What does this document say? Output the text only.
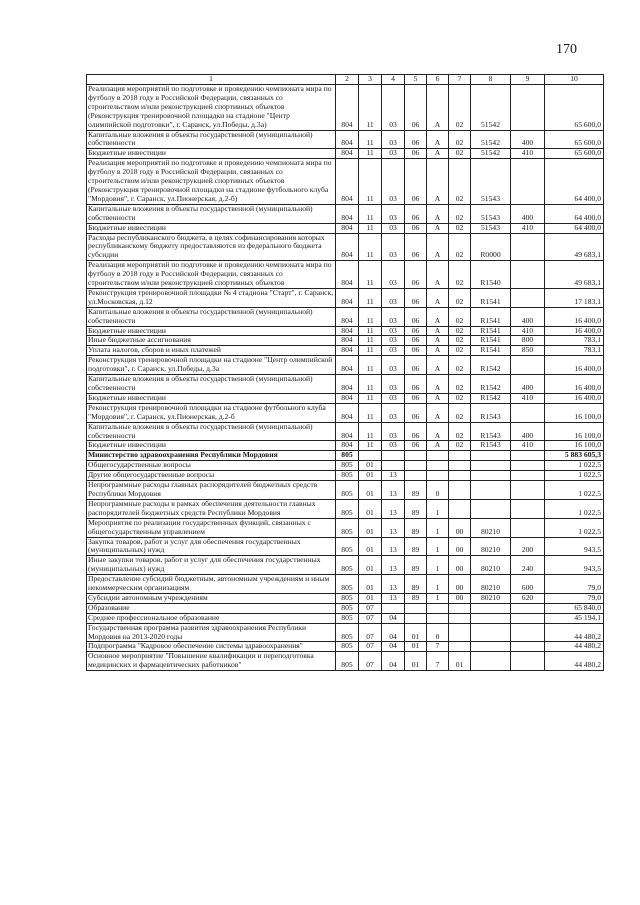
170
1	2	3	4	5	6	7	8	9	10
Реализация мероприятий по подготовке и проведению чемпионата мира по футболу в 2018 году в Российской Федерации, связанных со строительством и/или реконструкцией спортивных объектов (Реконструкция тренировочной площадки на стадионе "Центр олимпийской подготовки", г. Саранск, ул.Победы, д.3а)	804	11	03	06	А	02	51542		65 600,0
Капитальные вложения в объекты государственной (муниципальной) собственности	804	11	03	06	А	02	51542	400	65 600,0
Бюджетные инвестиции	804	11	03	06	А	02	51542	410	65 600,0
Реализация мероприятий по подготовке и проведению чемпионата мира по футболу в 2018 году в Российской Федерации, связанных со строительством и/или реконструкцией спортивных объектов (Реконструкция тренировочной площадки на стадионе футбольного клуба "Мордовия", г. Саранск, ул.Пионерская, д.2-б)	804	11	03	06	А	02	51543		64 400,0
Капитальные вложения в объекты государственной (муниципальной) собственности	804	11	03	06	А	02	51543	400	64 400,0
Бюджетные инвестиции	804	11	03	06	А	02	51543	410	64 400,0
Расходы республиканского бюджета, в целях софинансирования которых республиканскому бюджету предоставляются из федерального бюджета субсидии	804	11	03	06	А	02	R0000		49 683,1
Реализация мероприятий по подготовке и проведению чемпионата мира по футболу в 2018 году в Российской Федерации, связанных со строительством и/или реконструкцией спортивных объектов	804	11	03	06	А	02	R1540		49 683,1
Реконструкция тренировочной площадки № 4 стадиона "Старт", г. Саранск, ул.Московская, д.12	804	11	03	06	А	02	R1541		17 183,1
Капитальные вложения в объекты государственной (муниципальной) собственности	804	11	03	06	А	02	R1541	400	16 400,0
Бюджетные инвестиции	804	11	03	06	А	02	R1541	410	16 400,0
Иные бюджетные ассигнования	804	11	03	06	А	02	R1541	800	783,1
Уплата налогов, сборов и иных платежей	804	11	03	06	А	02	R1541	850	783,1
Реконструкция тренировочной площадки на стадионе "Центр олимпийской подготовки", г. Саранск, ул.Победы, д.3а	804	11	03	06	А	02	R1542		16 400,0
Капитальные вложения в объекты государственной (муниципальной) собственности	804	11	03	06	А	02	R1542	400	16 400,0
Бюджетные инвестиции	804	11	03	06	А	02	R1542	410	16 400,0
Реконструкция тренировочной площадки на стадионе футбольного клуба "Мордовия", г. Саранск, ул.Пионерская, д.2-б	804	11	03	06	А	02	R1543		16 100,0
Капитальные вложения в объекты государственной (муниципальной) собственности	804	11	03	06	А	02	R1543	400	16 100,0
Бюджетные инвестиции	804	11	03	06	А	02	R1543	410	16 100,0
Министерство здравоохранения Республики Мордовия	805								5 883 605,3
Общегосударственные вопросы	805	01							1 022,5
Другие общегосударственные вопросы	805	01	13						1 022,5
Непрограммные расходы главных распорядителей бюджетных средств Республики Мордовия	805	01	13	89	0				1 022,5
Непрограммные расходы в рамках обеспечения деятельности главных распорядителей бюджетных средств Республики Мордовия	805	01	13	89	1				1 022,5
Мероприятия по реализации государственных функций, связанных с общегосударственным управлением	805	01	13	89	1	00	80210		1 022,5
Закупка товаров, работ и услуг для обеспечения государственных (муниципальных) нужд	805	01	13	89	1	00	80210	200	943,5
Иные закупки товаров, работ и услуг для обеспечения государственных (муниципальных) нужд	805	01	13	89	1	00	80210	240	943,5
Предоставление субсидий бюджетным, автономным учреждениям и иным некоммерческим организациям	805	01	13	89	1	00	80210	600	79,0
Субсидии автономным учреждениям	805	01	13	89	1	00	80210	620	79,0
Образование	805	07							65 840,0
Среднее профессиональное образование	805	07	04						45 194,1
Государственная программа развития здравоохранения Республики Мордовия на 2013-2020 годы	805	07	04	01	0				44 480,2
Подпрограмма "Кадровое обеспечение системы здравоохранения"	805	07	04	01	7				44 480,2
Основное мероприятие "Повышение квалификации и переподготовка медицинских и фармацевтических работников"	805	07	04	01	7	01			44 480,2
